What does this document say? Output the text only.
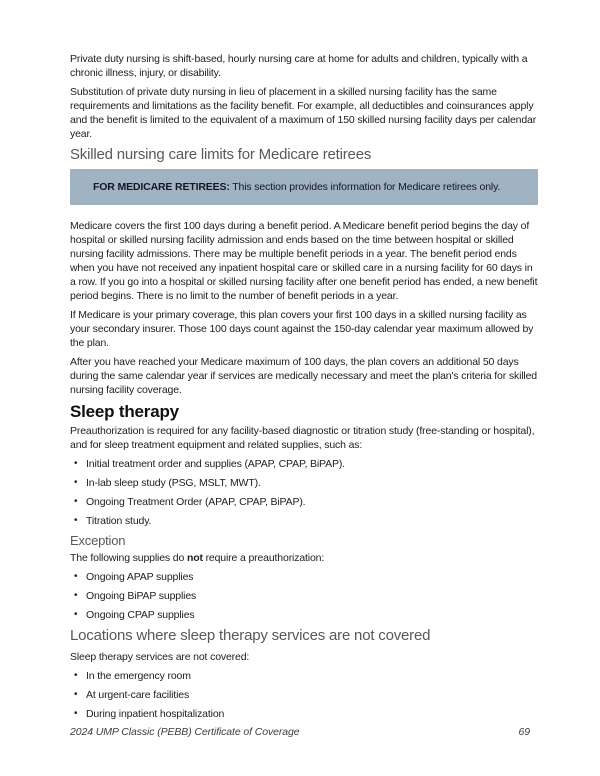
Private duty nursing is shift-based, hourly nursing care at home for adults and children, typically with a chronic illness, injury, or disability.

Substitution of private duty nursing in lieu of placement in a skilled nursing facility has the same requirements and limitations as the facility benefit. For example, all deductibles and coinsurances apply and the benefit is limited to the equivalent of a maximum of 150 skilled nursing facility days per calendar year.

Skilled nursing care limits for Medicare retirees
FOR MEDICARE RETIREES: This section provides information for Medicare retirees only.

Medicare covers the first 100 days during a benefit period. A Medicare benefit period begins the day of hospital or skilled nursing facility admission and ends based on the time between hospital or skilled nursing facility admissions. There may be multiple benefit periods in a year. The benefit period ends when you have not received any inpatient hospital care or skilled care in a nursing facility for 60 days in a row. If you go into a hospital or skilled nursing facility after one benefit period has ended, a new benefit period begins. There is no limit to the number of benefit periods in a year.

If Medicare is your primary coverage, this plan covers your first 100 days in a skilled nursing facility as your secondary insurer. Those 100 days count against the 150-day calendar year maximum allowed by the plan.

After you have reached your Medicare maximum of 100 days, the plan covers an additional 50 days during the same calendar year if services are medically necessary and meet the plan's criteria for skilled nursing facility coverage.

Sleep therapy

Preauthorization is required for any facility-based diagnostic or titration study (free-standing or hospital), and for sleep treatment equipment and related supplies, such as:

• Initial treatment order and supplies (APAP, CPAP, BiPAP).
• In-lab sleep study (PSG, MSLT, MWT).
• Ongoing Treatment Order (APAP, CPAP, BiPAP).
• Titration study.
Exception

The following supplies do not require a preauthorization:

• Ongoing APAP supplies
• Ongoing BiPAP supplies
• Ongoing CPAP supplies
Locations where sleep therapy services are not covered

Sleep therapy services are not covered:

• In the emergency room
• At urgent-care facilities
• During inpatient hospitalization
2024 UMP Classic (PEBB) Certificate of Coverage	69
